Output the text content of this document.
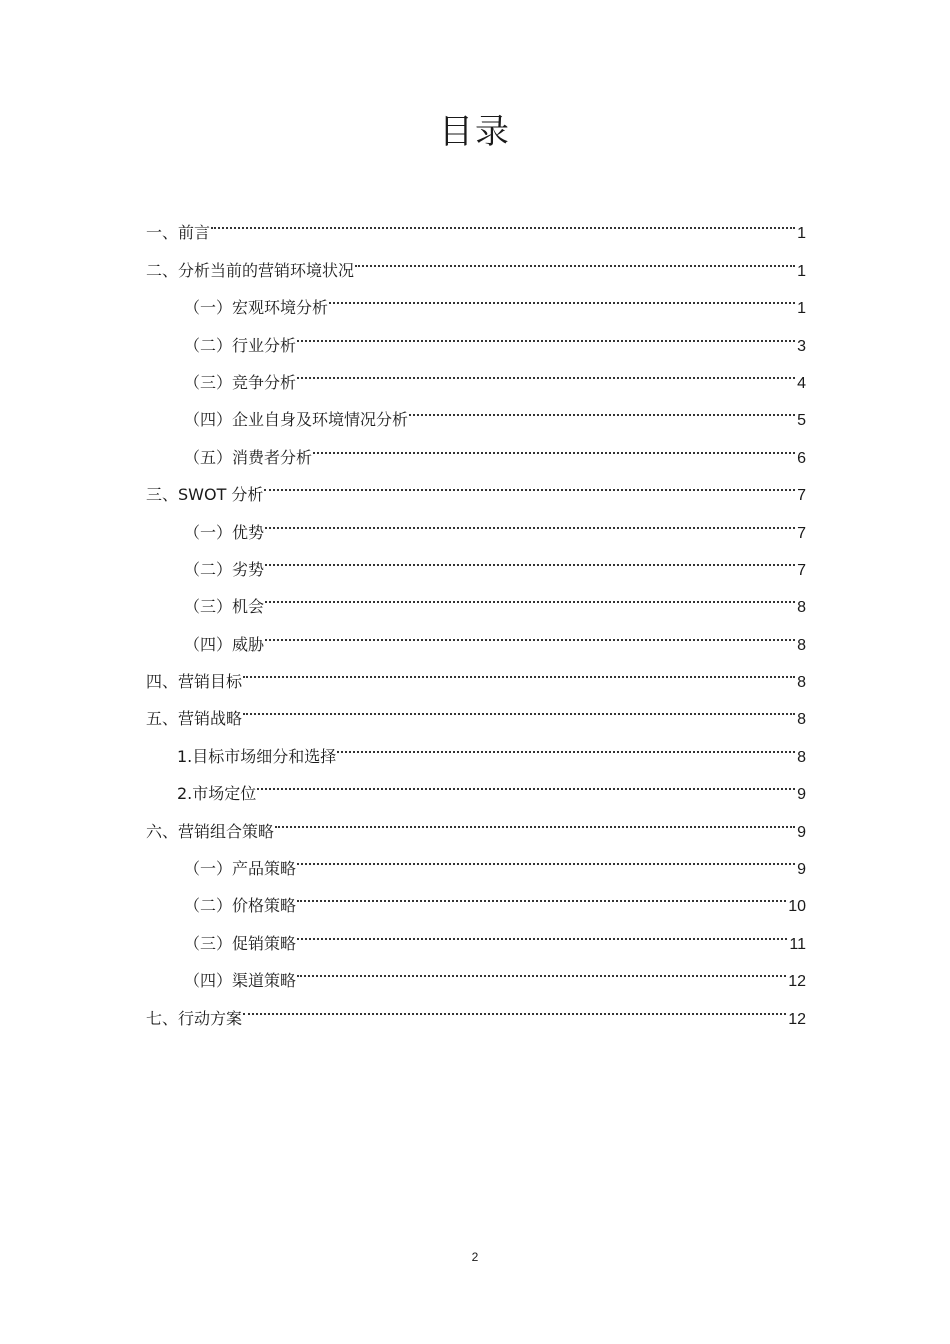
目录
一、前言	1
二、分析当前的营销环境状况	1
（一）宏观环境分析	1
（二）行业分析	3
（三）竞争分析	4
（四）企业自身及环境情况分析	5
（五）消费者分析	6
三、SWOT 分析	7
（一）优势	7
（二）劣势	7
（三）机会	8
（四）威胁	8
四、营销目标	8
五、营销战略	8
1.目标市场细分和选择	8
2.市场定位	9
六、营销组合策略	9
（一）产品策略	9
（二）价格策略	10
（三）促销策略	11
（四）渠道策略	12
七、行动方案	12
2
